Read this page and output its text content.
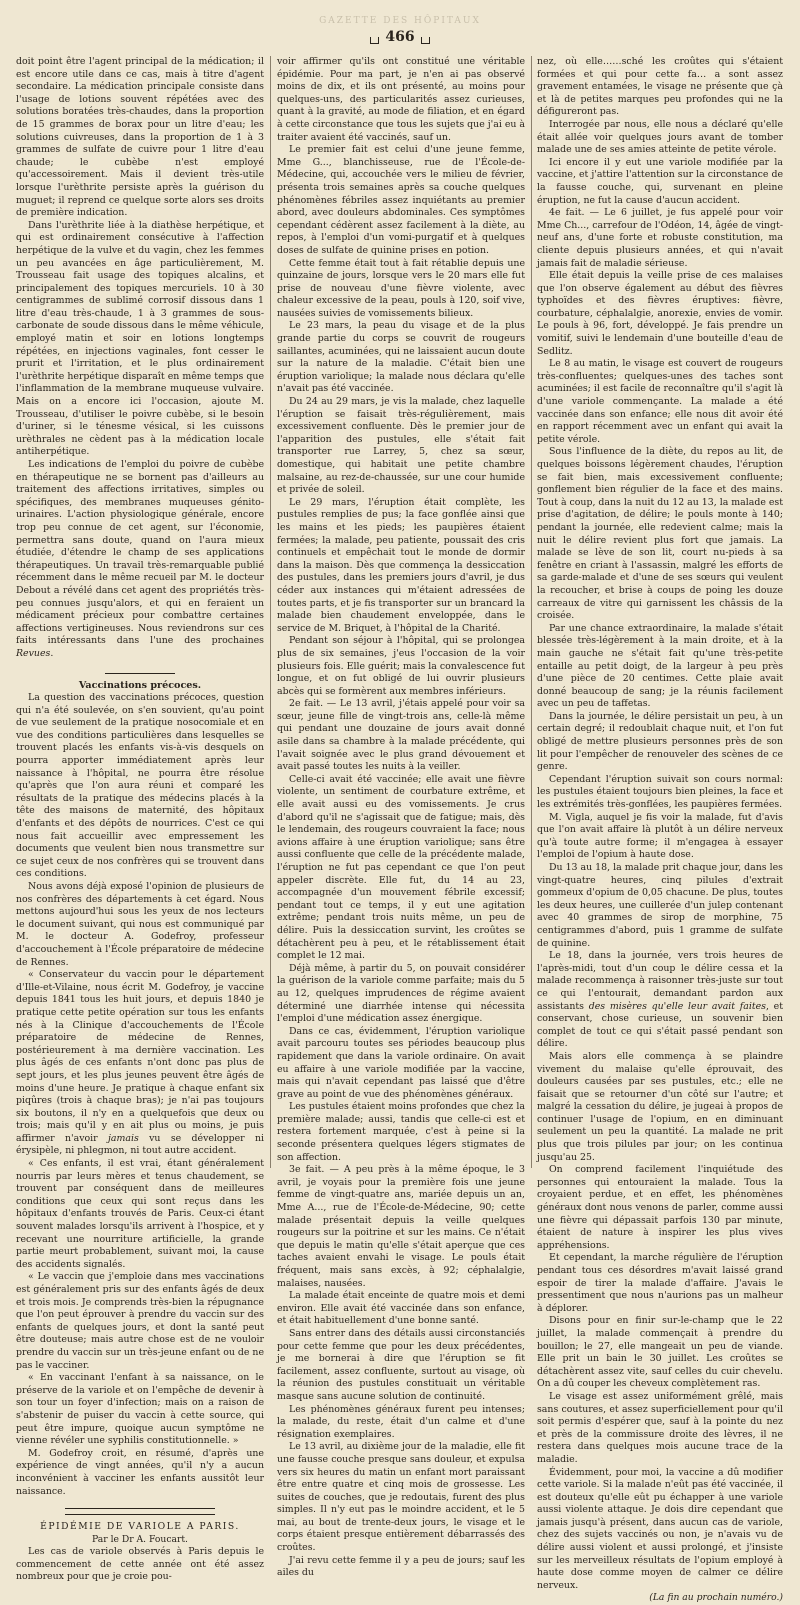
GAZETTE DES HÔPITAUX
466

doit point être l'agent principal de la médication; il est encore utile dans ce cas, mais à titre d'agent secondaire. La médication principale consiste dans l'usage de lotions souvent répétées avec des solutions boratées très-chaudes, dans la proportion de 15 grammes de borax pour un litre d'eau; les solutions cuivreuses, dans la proportion de 1 à 3 grammes de sulfate de cuivre pour 1 litre d'eau chaude; le cubèbe n'est employé qu'accessoirement. Mais il devient très-utile lorsque l'urèthrite persiste après la guérison du muguet; il reprend ce quelque sorte alors ses droits de première indication.

Dans l'urèthrite liée à la diathèse herpétique, et qui est ordinairement consécutive à l'affection herpétique de la vulve et du vagin, chez les femmes un peu avancées en âge particulièrement, M. Trousseau fait usage des topiques alcalins, et principalement des topiques mercuriels. 10 à 30 centigrammes de sublimé corrosif dissous dans 1 litre d'eau très-chaude, 1 à 3 grammes de sous-carbonate de soude dissous dans le même véhicule, employé matin et soir en lotions longtemps répétées, en injections vaginales, font cesser le prurit et l'irritation, et le plus ordinairement l'urèthrite herpétique disparaît en même temps que l'inflammation de la membrane muqueuse vulvaire. Mais on a encore ici l'occasion, ajoute M. Trousseau, d'utiliser le poivre cubèbe, si le besoin d'uriner, si le ténesme vésical, si les cuissons urèthrales ne cèdent pas à la médication locale antiherpétique.

Les indications de l'emploi du poivre de cubèbe en thérapeutique ne se bornent pas d'ailleurs au traitement des affections irritatives, simples ou spécifiques, des membranes muqueuses génito-urinaires. L'action physiologique générale, encore trop peu connue de cet agent, sur l'économie, permettra sans doute, quand on l'aura mieux étudiée, d'étendre le champ de ses applications thérapeutiques. Un travail très-remarquable publié récemment dans le même recueil par M. le docteur Debout a révélé dans cet agent des propriétés très-peu connues jusqu'alors, et qui en feraient un médicament précieux pour combattre certaines affections vertigineuses. Nous reviendrons sur ces faits intéressants dans l'une des prochaines Revues.

Vaccinations précoces.

La question des vaccinations précoces, question qui n'a été soulevée, on s'en souvient, qu'au point de vue seulement de la pratique nosocomiale et en vue des conditions particulières dans lesquelles se trouvent placés les enfants vis-à-vis desquels on pourra apporter immédiatement après leur naissance à l'hôpital, ne pourra être résolue qu'après que l'on aura réuni et comparé les résultats de la pratique des médecins placés à la tête des maisons de maternité, des hôpitaux d'enfants et des dépôts de nourrices. C'est ce qui nous fait accueillir avec empressement les documents que veulent bien nous transmettre sur ce sujet ceux de nos confrères qui se trouvent dans ces conditions.

Nous avons déjà exposé l'opinion de plusieurs de nos confrères des départements à cet égard. Nous mettons aujourd'hui sous les yeux de nos lecteurs le document suivant, qui nous est communiqué par M. le docteur A. Godefroy, professeur d'accouchement à l'École préparatoire de médecine de Rennes.

« Conservateur du vaccin pour le département d'Ille-et-Vilaine, nous écrit M. Godefroy, je vaccine depuis 1841 tous les huit jours, et depuis 1840 je pratique cette petite opération sur tous les enfants nés à la Clinique d'accouchements de l'École préparatoire de médecine de Rennes, postérieurement à ma dernière vaccination. Les plus âgés de ces enfants n'ont donc pas plus de sept jours, et les plus jeunes peuvent être âgés de moins d'une heure. Je pratique à chaque enfant six piqûres (trois à chaque bras); je n'ai pas toujours six boutons, il n'y en a quelquefois que deux ou trois; mais qu'il y en ait plus ou moins, je puis affirmer n'avoir jamais vu se développer ni érysipèle, ni phlegmon, ni tout autre accident.

« Ces enfants, il est vrai, étant généralement nourris par leurs mères et tenus chaudement, se trouvent par conséquent dans de meilleures conditions que ceux qui sont reçus dans les hôpitaux d'enfants trouvés de Paris. Ceux-ci étant souvent malades lorsqu'ils arrivent à l'hospice, et y recevant une nourriture artificielle, la grande partie meurt probablement, suivant moi, la cause des accidents signalés.

« Le vaccin que j'emploie dans mes vaccinations est généralement pris sur des enfants âgés de deux et trois mois. Je comprends très-bien la répugnance que l'on peut éprouver à prendre du vaccin sur des enfants de quelques jours, et dont la santé peut être douteuse; mais autre chose est de ne vouloir prendre du vaccin sur un très-jeune enfant ou de ne pas le vacciner.

« En vaccinant l'enfant à sa naissance, on le préserve de la variole et on l'empêche de devenir à son tour un foyer d'infection; mais on a raison de s'abstenir de puiser du vaccin à cette source, qui peut être impure, quoique aucun symptôme ne vienne révéler une syphilis constitutionnelle. »

M. Godefroy croit, en résumé, d'après une expérience de vingt années, qu'il n'y a aucun inconvénient à vacciner les enfants aussitôt leur naissance.

ÉPIDÉMIE DE VARIOLE A PARIS.

Par le Dr A. Foucart.

Les cas de variole observés à Paris depuis le commencement de cette année ont été assez nombreux pour que je croie pou-

voir affirmer qu'ils ont constitué une véritable épidémie. Pour ma part, je n'en ai pas observé moins de dix, et ils ont présenté, au moins pour quelques-uns, des particularités assez curieuses, quant à la gravité, au mode de filiation, et en égard à cette circonstance que tous les sujets que j'ai eu à traiter avaient été vaccinés, sauf un.

Le premier fait est celui d'une jeune femme, Mme G..., blanchisseuse, rue de l'École-de-Médecine, qui, accouchée vers le milieu de février, présenta trois semaines après sa couche quelques phénomènes fébriles assez inquiétants au premier abord, avec douleurs abdominales. Ces symptômes cependant cédèrent assez facilement à la diète, au repos, à l'emploi d'un vomi-purgatif et à quelques doses de sulfate de quinine prises en potion.

Cette femme était tout à fait rétablie depuis une quinzaine de jours, lorsque vers le 20 mars elle fut prise de nouveau d'une fièvre violente, avec chaleur excessive de la peau, pouls à 120, soif vive, nausées suivies de vomissements bilieux.

Le 23 mars, la peau du visage et de la plus grande partie du corps se couvrit de rougeurs saillantes, acuminées, qui ne laissaient aucun doute sur la nature de la maladie. C'était bien une éruption variolique; la malade nous déclara qu'elle n'avait pas été vaccinée.

Du 24 au 29 mars, je vis la malade, chez laquelle l'éruption se faisait très-régulièrement, mais excessivement confluente. Dès le premier jour de l'apparition des pustules, elle s'était fait transporter rue Larrey, 5, chez sa sœur, domestique, qui habitait une petite chambre malsaine, au rez-de-chaussée, sur une cour humide et privée de soleil.

Le 29 mars, l'éruption était complète, les pustules remplies de pus; la face gonflée ainsi que les mains et les pieds; les paupières étaient fermées; la malade, peu patiente, poussait des cris continuels et empêchait tout le monde de dormir dans la maison. Dès que commença la dessiccation des pustules, dans les premiers jours d'avril, je dus céder aux instances qui m'étaient adressées de toutes parts, et je fis transporter sur un brancard la malade bien chaudement enveloppée, dans le service de M. Briquet, à l'hôpital de la Charité.

Pendant son séjour à l'hôpital, qui se prolongea plus de six semaines, j'eus l'occasion de la voir plusieurs fois. Elle guérit; mais la convalescence fut longue, et on fut obligé de lui ouvrir plusieurs abcès qui se formèrent aux membres inférieurs.

2e fait. — Le 13 avril, j'étais appelé pour voir sa sœur, jeune fille de vingt-trois ans, celle-là même qui pendant une douzaine de jours avait donné asile dans sa chambre à la malade précédente, qui l'avait soignée avec le plus grand dévouement et avait passé toutes les nuits à la veiller.

Celle-ci avait été vaccinée; elle avait une fièvre violente, un sentiment de courbature extrême, et elle avait aussi eu des vomissements. Je crus d'abord qu'il ne s'agissait que de fatigue; mais, dès le lendemain, des rougeurs couvraient la face; nous avions affaire à une éruption variolique; sans être aussi confluente que celle de la précédente malade, l'éruption ne fut pas cependant ce que l'on peut appeler discrète. Elle fut, du 14 au 23, accompagnée d'un mouvement fébrile excessif; pendant tout ce temps, il y eut une agitation extrême; pendant trois nuits même, un peu de délire. Puis la dessiccation survint, les croûtes se détachèrent peu à peu, et le rétablissement était complet le 12 mai.

Déjà même, à partir du 5, on pouvait considérer la guérison de la variole comme parfaite; mais du 5 au 12, quelques imprudences de régime avaient déterminé une diarrhée intense qui nécessita l'emploi d'une médication assez énergique.

Dans ce cas, évidemment, l'éruption variolique avait parcouru toutes ses périodes beaucoup plus rapidement que dans la variole ordinaire. On avait eu affaire à une variole modifiée par la vaccine, mais qui n'avait cependant pas laissé que d'être grave au point de vue des phénomènes généraux.

Les pustules étaient moins profondes que chez la première malade; aussi, tandis que celle-ci est et restera fortement marquée, c'est à peine si la seconde présentera quelques légers stigmates de son affection.

3e fait. — A peu près à la même époque, le 3 avril, je voyais pour la première fois une jeune femme de vingt-quatre ans, mariée depuis un an, Mme A..., rue de l'École-de-Médecine, 90; cette malade présentait depuis la veille quelques rougeurs sur la poitrine et sur les mains. Ce n'était que depuis le matin qu'elle s'était aperçue que ces taches avaient envahi le visage. Le pouls était fréquent, mais sans excès, à 92; céphalalgie, malaises, nausées.

La malade était enceinte de quatre mois et demi environ. Elle avait été vaccinée dans son enfance, et était habituellement d'une bonne santé.

Sans entrer dans des détails aussi circonstanciés pour cette femme que pour les deux précédentes, je me bornerai à dire que l'éruption se fit facilement, assez confluente, surtout au visage, où la réunion des pustules constituait un véritable masque sans aucune solution de continuité.

Les phénomènes généraux furent peu intenses; la malade, du reste, était d'un calme et d'une résignation exemplaires.

Le 13 avril, au dixième jour de la maladie, elle fit une fausse couche presque sans douleur, et expulsa vers six heures du matin un enfant mort paraissant être entre quatre et cinq mois de grossesse. Les suites de couches, que je redoutais, furent des plus simples. Il n'y eut pas le moindre accident, et le 5 mai, au bout de trente-deux jours, le visage et le corps étaient presque entièrement débarrassés des croûtes.

J'ai revu cette femme il y a peu de jours; sauf les ailes du

nez, où elle……sché les croûtes qui s'étaient formées et qui pour cette fa… a sont assez gravement entamées, le visage ne présente que çà et là de petites marques peu profondes qui ne la défigureront pas.

Interrogée par nous, elle nous a déclaré qu'elle était allée voir quelques jours avant de tomber malade une de ses amies atteinte de petite vérole.

Ici encore il y eut une variole modifiée par la vaccine, et j'attire l'attention sur la circonstance de la fausse couche, qui, survenant en pleine éruption, ne fut la cause d'aucun accident.

4e fait. — Le 6 juillet, je fus appelé pour voir Mme Ch..., carrefour de l'Odéon, 14, âgée de vingt-neuf ans, d'une forte et robuste constitution, ma cliente depuis plusieurs années, et qui n'avait jamais fait de maladie sérieuse.

Elle était depuis la veille prise de ces malaises que l'on observe également au début des fièvres typhoïdes et des fièvres éruptives: fièvre, courbature, céphalalgie, anorexie, envies de vomir. Le pouls à 96, fort, développé. Je fais prendre un vomitif, suivi le lendemain d'une bouteille d'eau de Sedlitz.

Le 8 au matin, le visage est couvert de rougeurs très-confluentes; quelques-unes des taches sont acuminées; il est facile de reconnaître qu'il s'agit là d'une variole commençante. La malade a été vaccinée dans son enfance; elle nous dit avoir été en rapport récemment avec un enfant qui avait la petite vérole.

Sous l'influence de la diète, du repos au lit, de quelques boissons légèrement chaudes, l'éruption se fait bien, mais excessivement confluente; gonflement bien régulier de la face et des mains. Tout à coup, dans la nuit du 12 au 13, la malade est prise d'agitation, de délire; le pouls monte à 140; pendant la journée, elle redevient calme; mais la nuit le délire revient plus fort que jamais. La malade se lève de son lit, court nu-pieds à sa fenêtre en criant à l'assassin, malgré les efforts de sa garde-malade et d'une de ses sœurs qui veulent la recoucher, et brise à coups de poing les douze carreaux de vitre qui garnissent les châssis de la croisée.

Par une chance extraordinaire, la malade s'était blessée très-légèrement à la main droite, et à la main gauche ne s'était fait qu'une très-petite entaille au petit doigt, de la largeur à peu près d'une pièce de 20 centimes. Cette plaie avait donné beaucoup de sang; je la réunis facilement avec un peu de taffetas.

Dans la journée, le délire persistait un peu, à un certain degré; il redoublait chaque nuit, et l'on fut obligé de mettre plusieurs personnes près de son lit pour l'empêcher de renouveler des scènes de ce genre.

Cependant l'éruption suivait son cours normal: les pustules étaient toujours bien pleines, la face et les extrémités très-gonflées, les paupières fermées.

M. Vigla, auquel je fis voir la malade, fut d'avis que l'on avait affaire là plutôt à un délire nerveux qu'à toute autre forme; il m'engagea à essayer l'emploi de l'opium à haute dose.

Du 13 au 18, la malade prit chaque jour, dans les vingt-quatre heures, cinq pilules d'extrait gommeux d'opium de 0,05 chacune. De plus, toutes les deux heures, une cuillerée d'un julep contenant avec 40 grammes de sirop de morphine, 75 centigrammes d'abord, puis 1 gramme de sulfate de quinine.

Le 18, dans la journée, vers trois heures de l'après-midi, tout d'un coup le délire cessa et la malade recommença à raisonner très-juste sur tout ce qui l'entourait, demandant pardon aux assistants des misères qu'elle leur avait faites, et conservant, chose curieuse, un souvenir bien complet de tout ce qui s'était passé pendant son délire.

Mais alors elle commença à se plaindre vivement du malaise qu'elle éprouvait, des douleurs causées par ses pustules, etc.; elle ne faisait que se retourner d'un côté sur l'autre; et malgré la cessation du délire, je jugeai à propos de continuer l'usage de l'opium, en en diminuant seulement un peu la quantité. La malade ne prit plus que trois pilules par jour; on les continua jusqu'au 25.

On comprend facilement l'inquiétude des personnes qui entouraient la malade. Tous la croyaient perdue, et en effet, les phénomènes généraux dont nous venons de parler, comme aussi une fièvre qui dépassait parfois 130 par minute, étaient de nature à inspirer les plus vives appréhensions.

Et cependant, la marche régulière de l'éruption pendant tous ces désordres m'avait laissé grand espoir de tirer la malade d'affaire. J'avais le pressentiment que nous n'aurions pas un malheur à déplorer.

Disons pour en finir sur-le-champ que le 22 juillet, la malade commençait à prendre du bouillon; le 27, elle mangeait un peu de viande. Elle prit un bain le 30 juillet. Les croûtes se détachèrent assez vite, sauf celles du cuir chevelu. On a dû couper les cheveux complètement ras.

Le visage est assez uniformément grêlé, mais sans coutures, et assez superficiellement pour qu'il soit permis d'espérer que, sauf à la pointe du nez et près de la commissure droite des lèvres, il ne restera dans quelques mois aucune trace de la maladie.

Évidemment, pour moi, la vaccine a dû modifier cette variole. Si la malade n'eût pas été vaccinée, il est douteux qu'elle eût pu échapper à une variole aussi violente attaque. Je dois dire cependant que jamais jusqu'à présent, dans aucun cas de variole, chez des sujets vaccinés ou non, je n'avais vu de délire aussi violent et aussi prolongé, et j'insiste sur les merveilleux résultats de l'opium employé à haute dose comme moyen de calmer ce délire nerveux.

(La fin au prochain numéro.)
